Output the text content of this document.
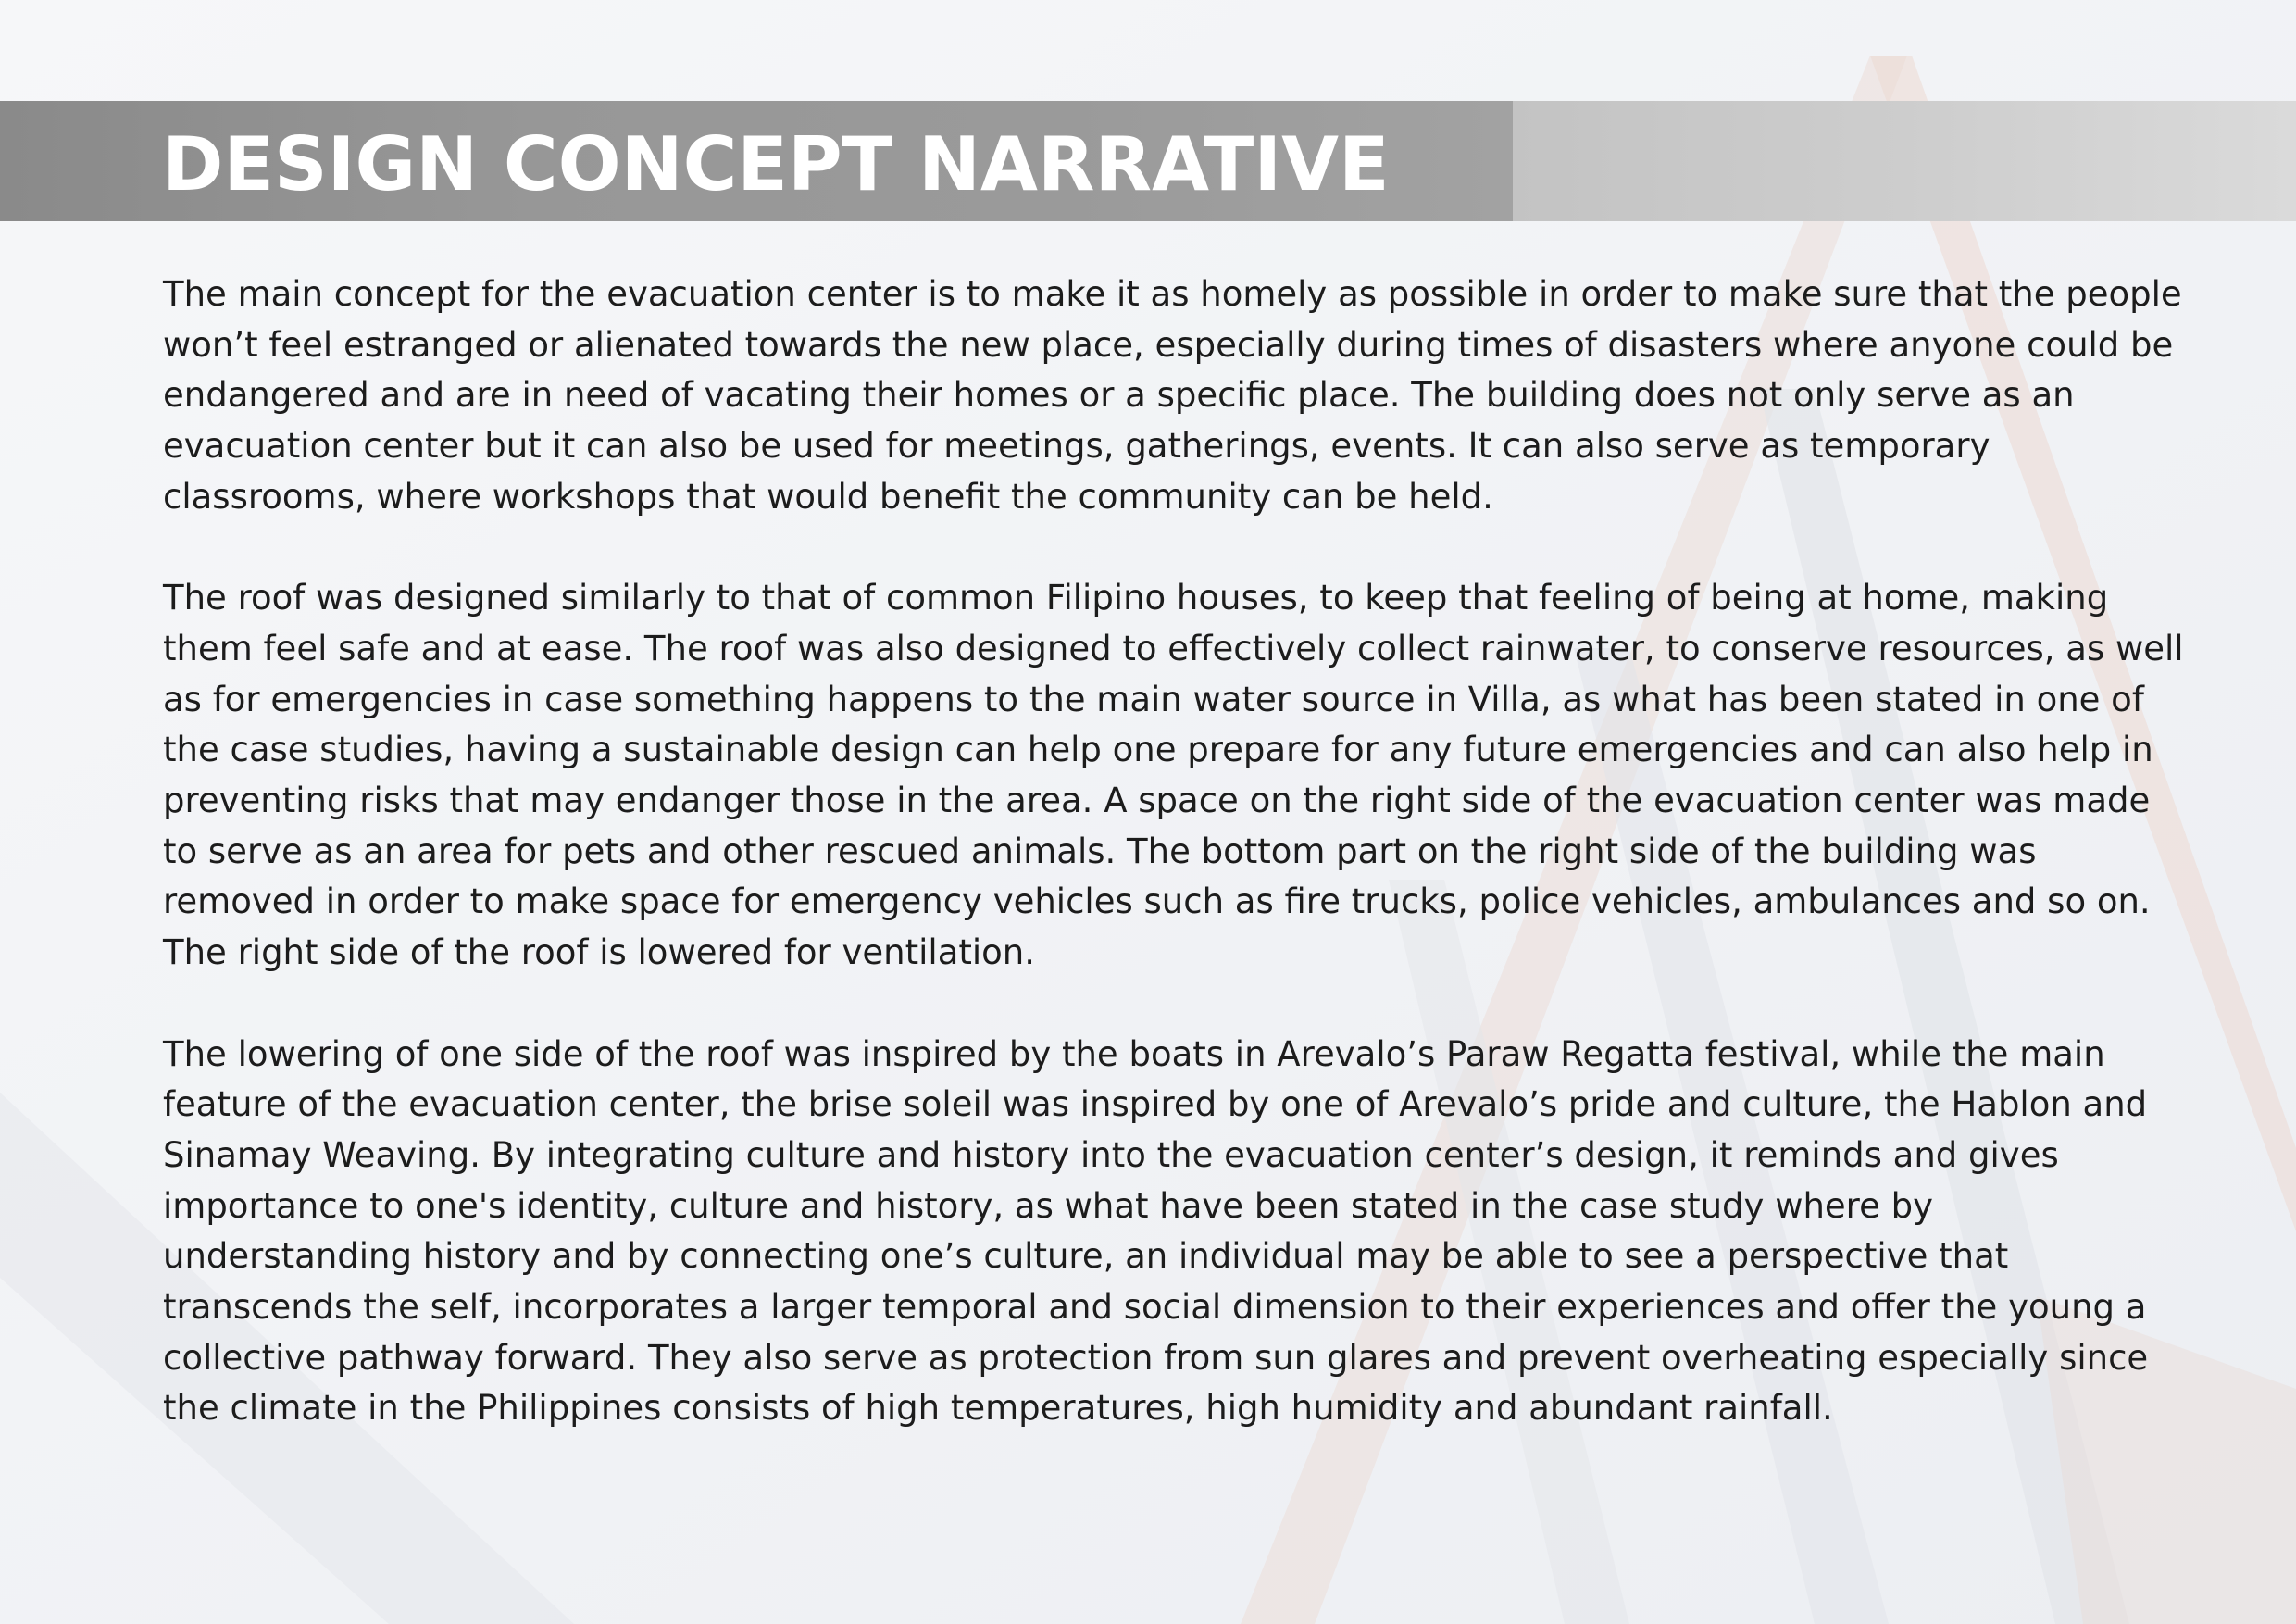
DESIGN CONCEPT NARRATIVE

The main concept for the evacuation center is to make it as homely as possible in order to make sure that the people won’t feel estranged or alienated towards the new place, especially during times of disasters where anyone could be endangered and are in need of vacating their homes or a specific place. The building does not only serve as an evacuation center but it can also be used for meetings, gatherings, events. It can also serve as temporary classrooms, where workshops that would benefit the community can be held.

The roof was designed similarly to that of common Filipino houses, to keep that feeling of being at home, making them feel safe and at ease. The roof was also designed to effectively collect rainwater, to conserve resources, as well as for emergencies in case something happens to the main water source in Villa, as what has been stated in one of the case studies, having a sustainable design can help one prepare for any future emergencies and can also help in preventing risks that may endanger those in the area. A space on the right side of the evacuation center was made to serve as an area for pets and other rescued animals. The bottom part on the right side of the building was removed in order to make space for emergency vehicles such as fire trucks, police vehicles, ambulances and so on. The right side of the roof is lowered for ventilation.

The lowering of one side of the roof was inspired by the boats in Arevalo’s Paraw Regatta festival, while the main feature of the evacuation center, the brise soleil was inspired by one of Arevalo’s pride and culture, the Hablon and Sinamay Weaving. By integrating culture and history into the evacuation center’s design, it reminds and gives importance to one's identity, culture and history, as what have been stated in the case study where by understanding history and by connecting one’s culture, an individual may be able to see a perspective that transcends the self, incorporates a larger temporal and social dimension to their experiences and offer the young a collective pathway forward. They also serve as protection from sun glares and prevent overheating especially since the climate in the Philippines consists of high temperatures, high humidity and abundant rainfall.
